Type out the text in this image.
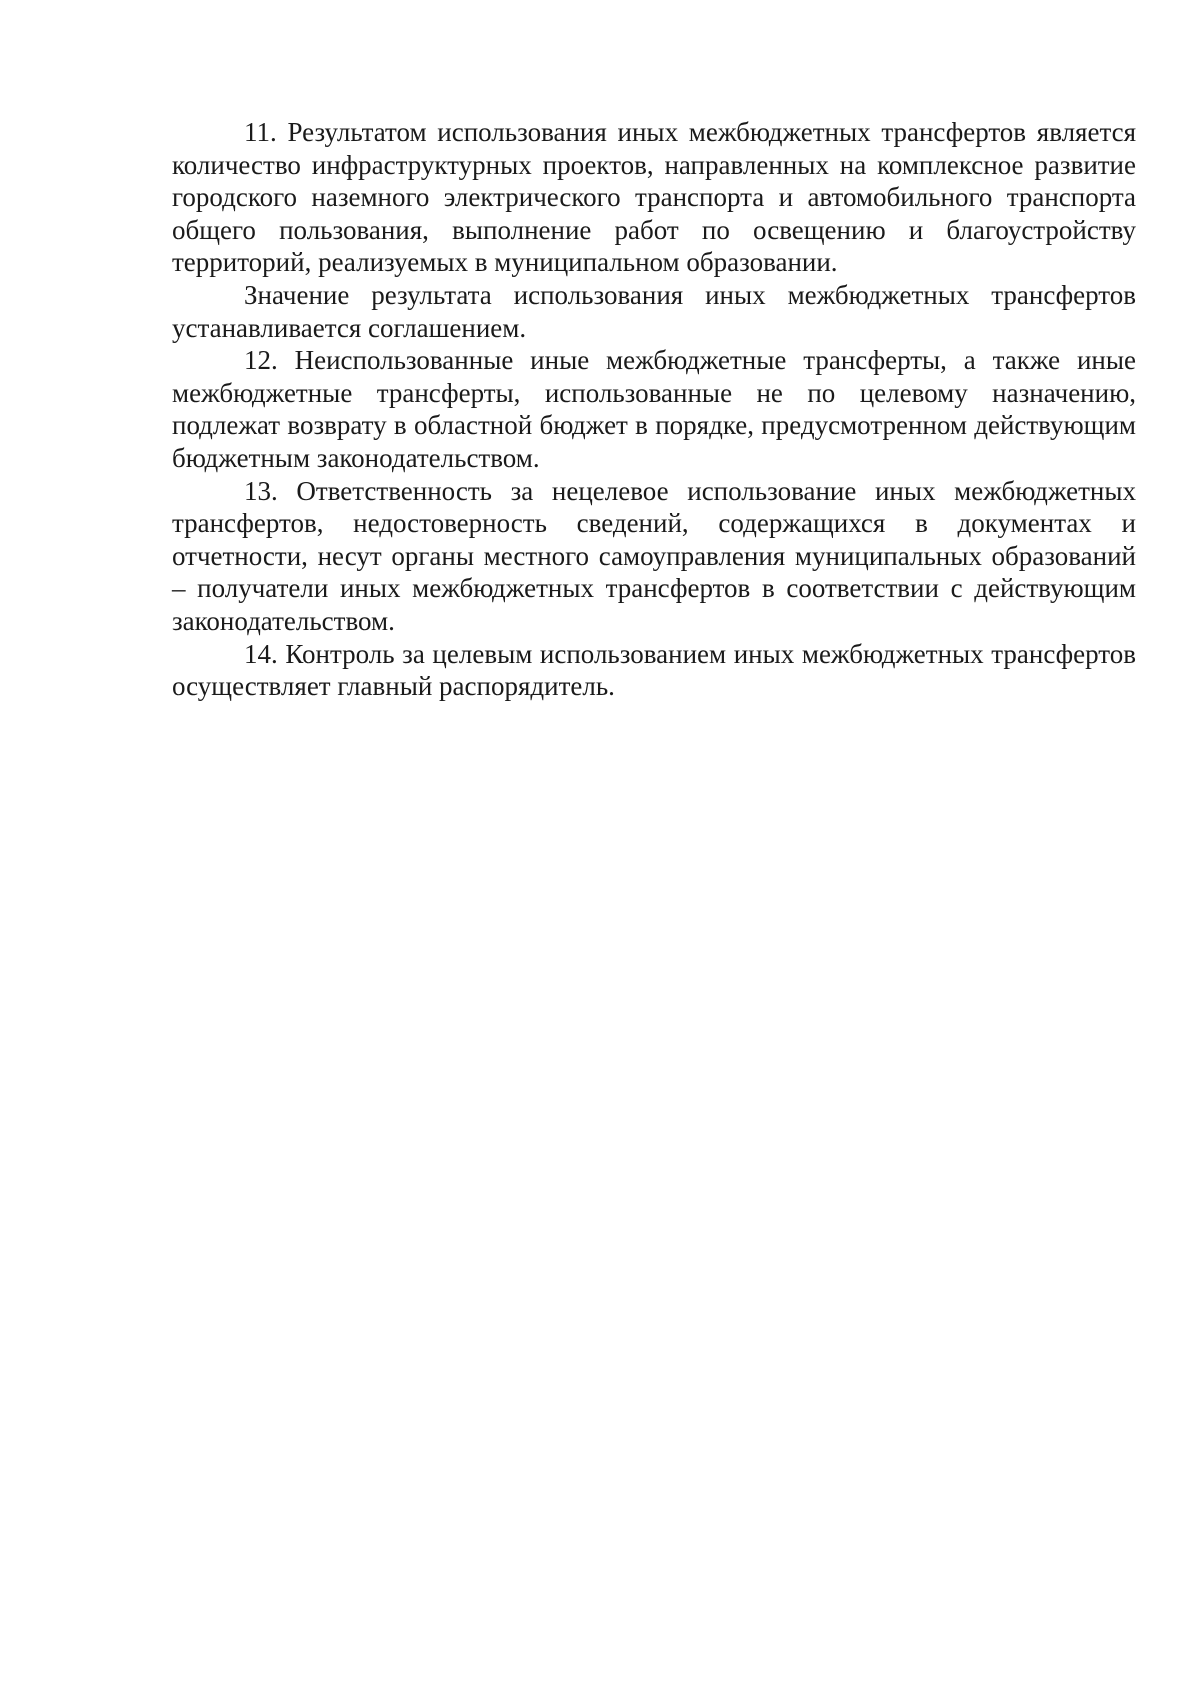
11. Результатом использования иных межбюджетных трансфертов является количество инфраструктурных проектов, направленных на комплексное развитие городского наземного электрического транспорта и автомобильного транспорта общего пользования, выполнение работ по освещению и благоустройству территорий, реализуемых в муниципальном образовании.

Значение результата использования иных межбюджетных трансфертов устанавливается соглашением.

12. Неиспользованные иные межбюджетные трансферты, а также иные межбюджетные трансферты, использованные не по целевому назначению, подлежат возврату в областной бюджет в порядке, предусмотренном действующим бюджетным законодательством.

13. Ответственность за нецелевое использование иных межбюджетных трансфертов, недостоверность сведений, содержащихся в документах и отчетности, несут органы местного самоуправления муниципальных образований – получатели иных межбюджетных трансфертов в соответствии с действующим законодательством.

14. Контроль за целевым использованием иных межбюджетных трансфертов осуществляет главный распорядитель.
